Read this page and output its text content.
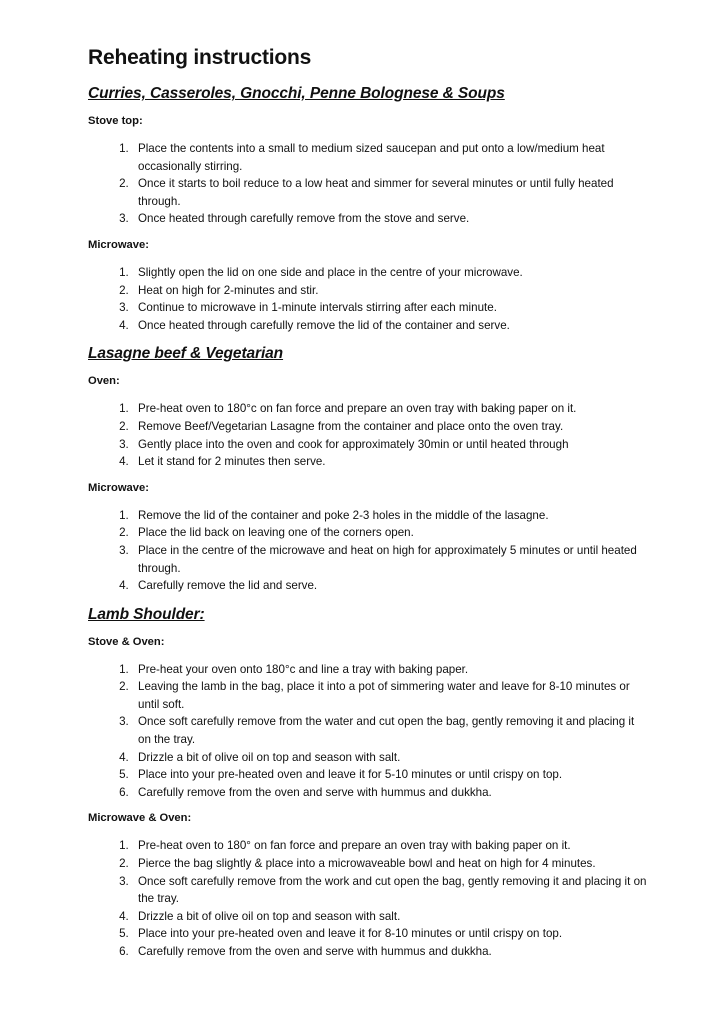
Reheating instructions
Curries, Casseroles, Gnocchi, Penne Bolognese & Soups
Stove top:
1. Place the contents into a small to medium sized saucepan and put onto a low/medium heat occasionally stirring.
2. Once it starts to boil reduce to a low heat and simmer for several minutes or until fully heated through.
3. Once heated through carefully remove from the stove and serve.
Microwave:
1. Slightly open the lid on one side and place in the centre of your microwave.
2. Heat on high for 2-minutes and stir.
3. Continue to microwave in 1-minute intervals stirring after each minute.
4. Once heated through carefully remove the lid of the container and serve.
Lasagne beef & Vegetarian
Oven:
1. Pre-heat oven to 180°c on fan force and prepare an oven tray with baking paper on it.
2. Remove Beef/Vegetarian Lasagne from the container and place onto the oven tray.
3. Gently place into the oven and cook for approximately 30min or until heated through
4. Let it stand for 2 minutes then serve.
Microwave:
1. Remove the lid of the container and poke 2-3 holes in the middle of the lasagne.
2. Place the lid back on leaving one of the corners open.
3. Place in the centre of the microwave and heat on high for approximately 5 minutes or until heated through.
4. Carefully remove the lid and serve.
Lamb Shoulder:
Stove & Oven:
1. Pre-heat your oven onto 180°c and line a tray with baking paper.
2. Leaving the lamb in the bag, place it into a pot of simmering water and leave for 8-10 minutes or until soft.
3. Once soft carefully remove from the water and cut open the bag, gently removing it and placing it on the tray.
4. Drizzle a bit of olive oil on top and season with salt.
5. Place into your pre-heated oven and leave it for 5-10 minutes or until crispy on top.
6. Carefully remove from the oven and serve with hummus and dukkha.
Microwave & Oven:
1. Pre-heat oven to 180° on fan force and prepare an oven tray with baking paper on it.
2. Pierce the bag slightly & place into a microwaveable bowl and heat on high for 4 minutes.
3. Once soft carefully remove from the work and cut open the bag, gently removing it and placing it on the tray.
4. Drizzle a bit of olive oil on top and season with salt.
5. Place into your pre-heated oven and leave it for 8-10 minutes or until crispy on top.
6. Carefully remove from the oven and serve with hummus and dukkha.
